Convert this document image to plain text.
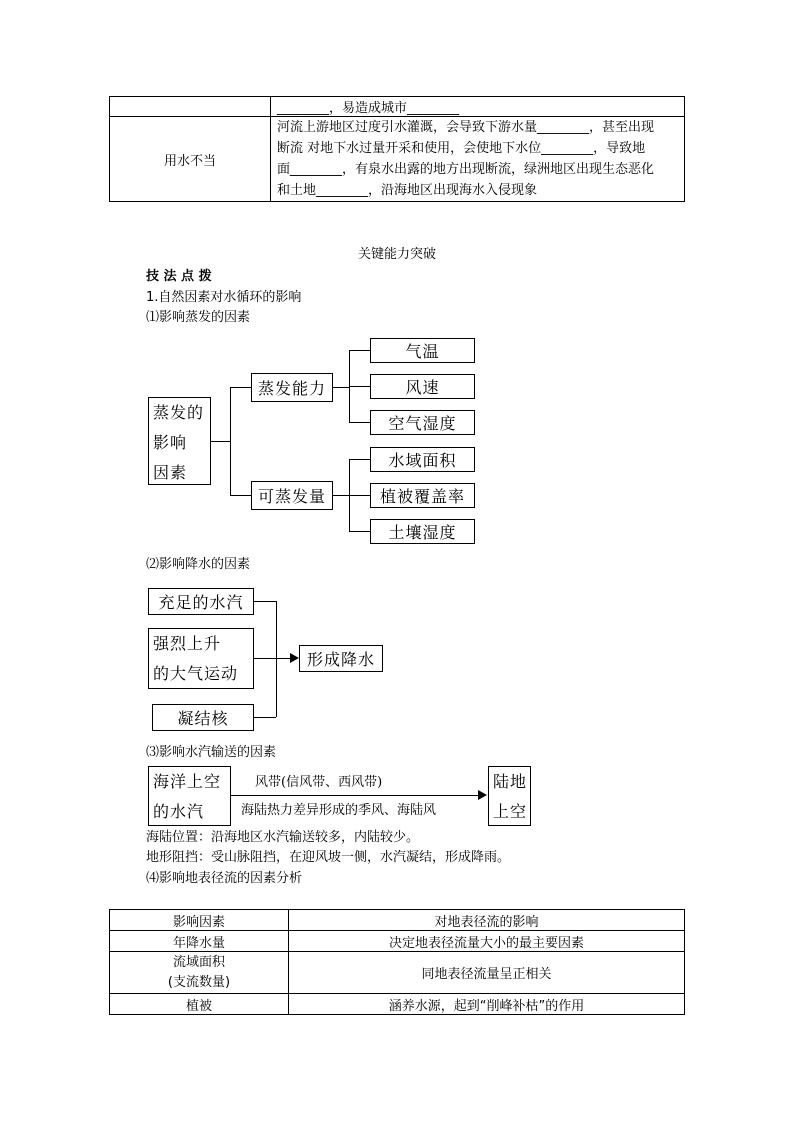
	________，易造成城市________
用水不当	河流上游地区过度引水灌溉，会导致下游水量________，甚至出现
断流 对地下水过量开采和使用，会使地下水位________，导致地
面________，有泉水出露的地方出现断流，绿洲地区出现生态恶化
和土地________，沿海地区出现海水入侵现象
关键能力突破
技 法 点 拨
1.自然因素对水循环的影响
⑴影响蒸发的因素
蒸发的
影响
因素
蒸发能力
可蒸发量
气温
风速
空气湿度
水域面积
植被覆盖率
土壤湿度
⑵影响降水的因素
充足的水汽
强烈上升
的大气运动
凝结核
形成降水
⑶影响水汽输送的因素
海洋上空
的水汽
风带(信风带、西风带)
海陆热力差异形成的季风、海陆风
陆地
上空
海陆位置：沿海地区水汽输送较多，内陆较少。
地形阻挡：受山脉阻挡，在迎风坡一侧，水汽凝结，形成降雨。
⑷影响地表径流的因素分析
影响因素	对地表径流的影响
年降水量	决定地表径流量大小的最主要因素
流域面积
(支流数量)	同地表径流量呈正相关
植被	涵养水源，起到“削峰补枯”的作用
